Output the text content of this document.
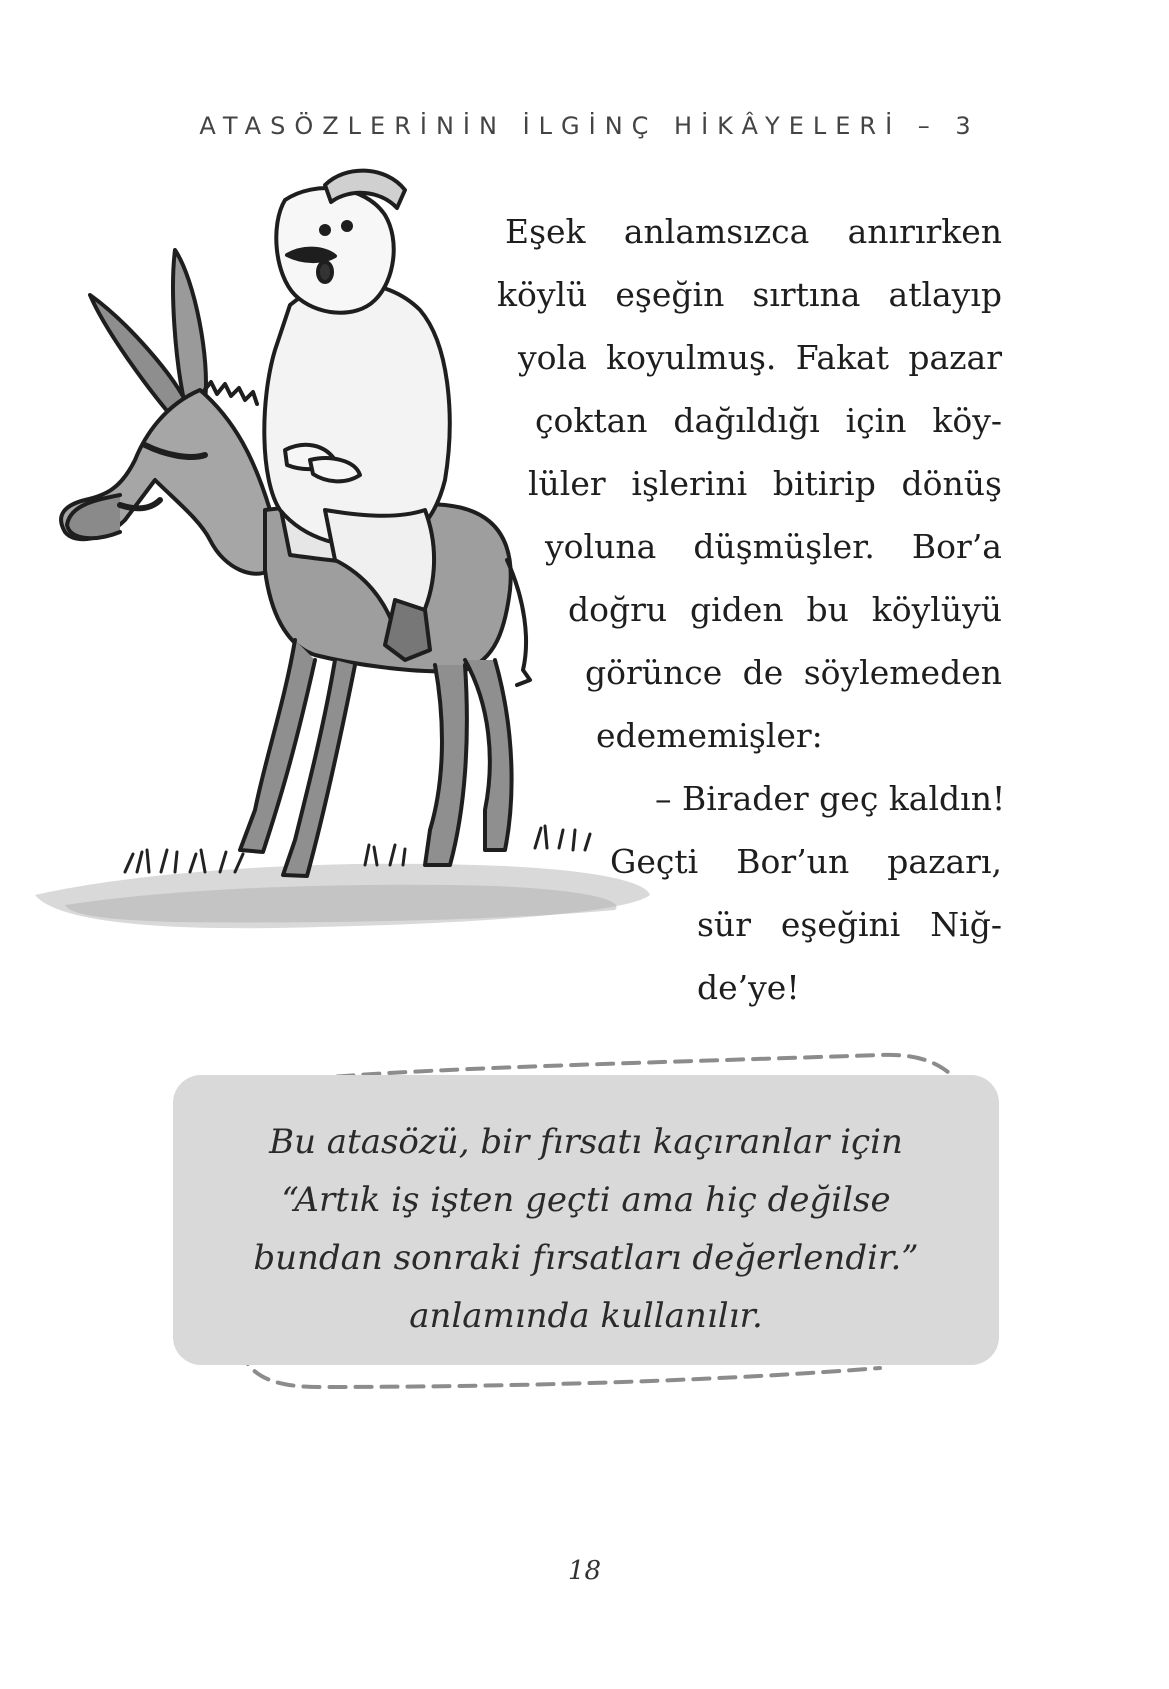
ATASÖZLERİNİN İLGİNÇ HİKÂYELERİ – 3
Eşek anlamsızca anırırken
köylü eşeğin sırtına atlayıp
yola koyulmuş. Fakat pazar
çoktan dağıldığı için köy-
lüler işlerini bitirip dönüş
yoluna düşmüşler. Bor’a
doğru giden bu köylüyü
görünce de söylemeden
edememişler:
– Birader geç kaldın!
Geçti Bor’un pazarı,
sür eşeğini Niğ-
de’ye!
Bu atasözü, bir fırsatı kaçıranlar için
“Artık iş işten geçti ama hiç değilse
bundan sonraki fırsatları değerlendir.”
anlamında kullanılır.
18
